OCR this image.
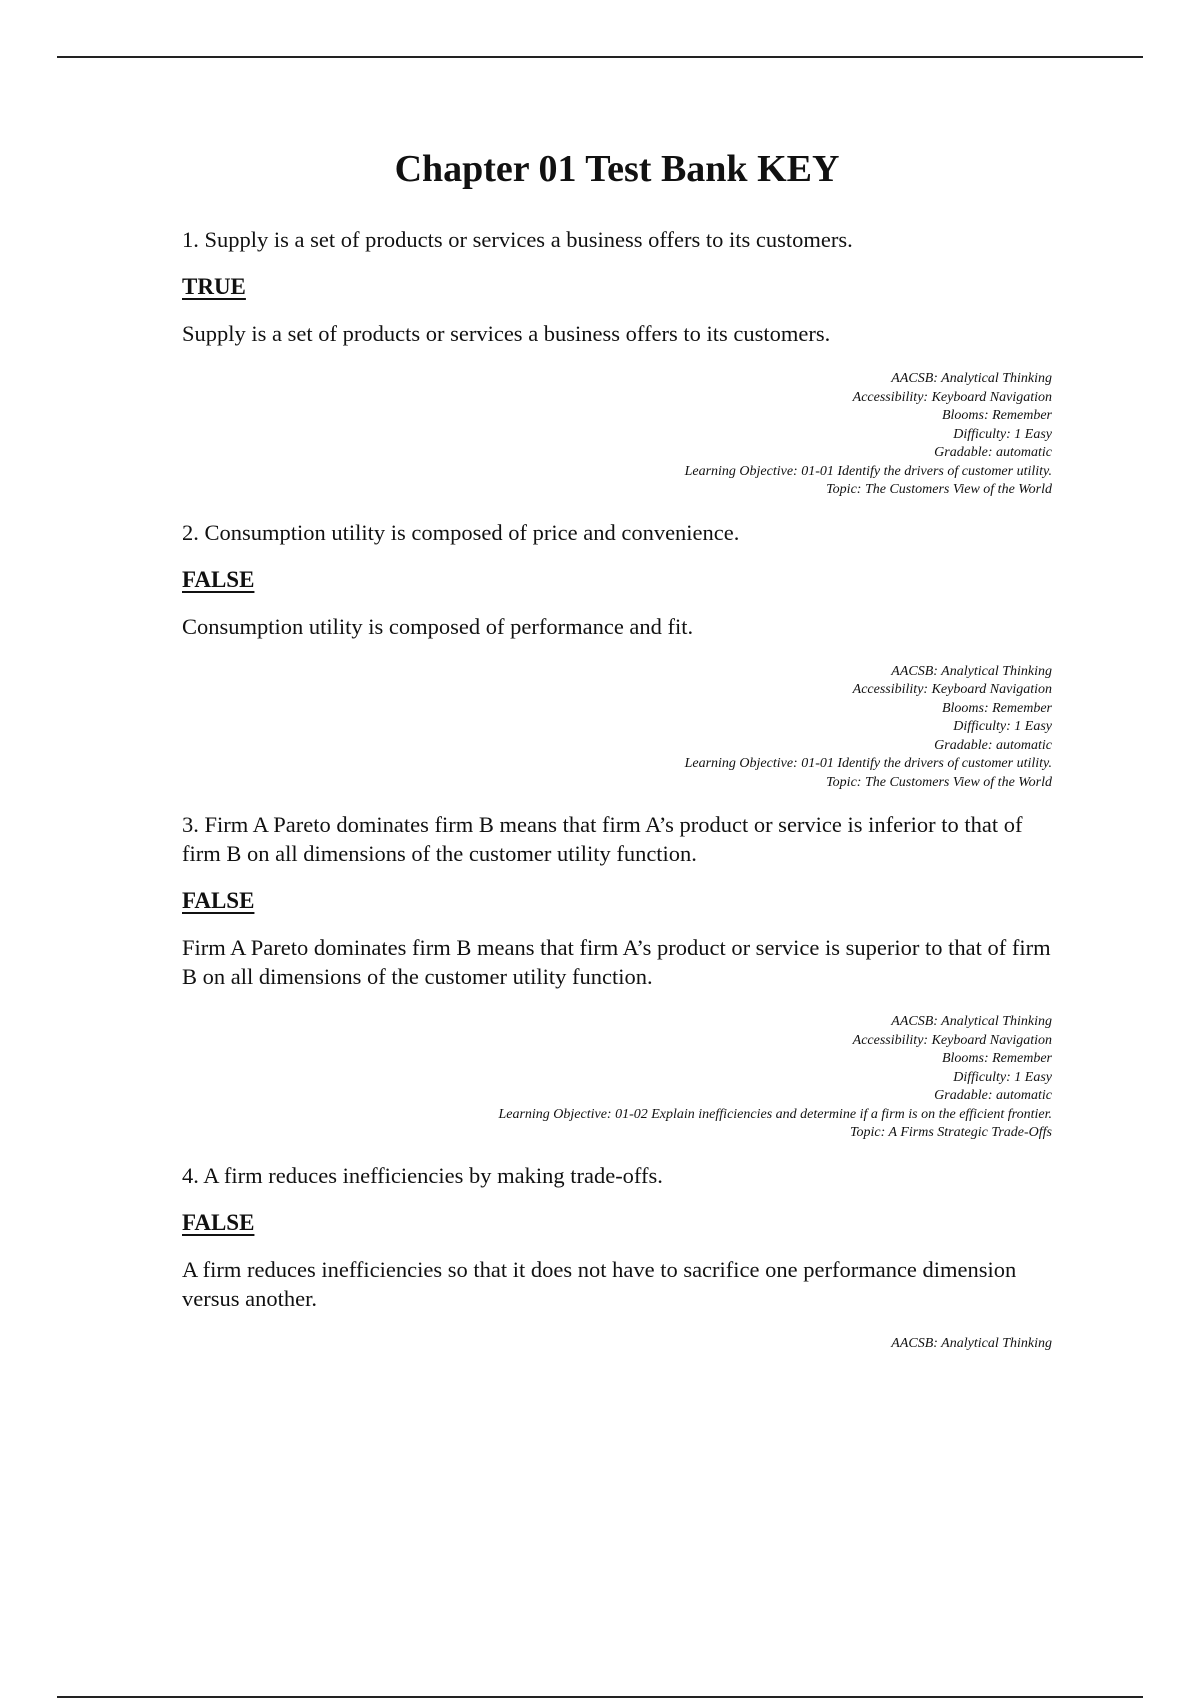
Chapter 01 Test Bank KEY

1. Supply is a set of products or services a business offers to its customers.

TRUE

Supply is a set of products or services a business offers to its customers.

AACSB: Analytical Thinking
Accessibility: Keyboard Navigation
Blooms: Remember
Difficulty: 1 Easy
Gradable: automatic
Learning Objective: 01-01 Identify the drivers of customer utility.
Topic: The Customers View of the World

2. Consumption utility is composed of price and convenience.

FALSE

Consumption utility is composed of performance and fit.

AACSB: Analytical Thinking
Accessibility: Keyboard Navigation
Blooms: Remember
Difficulty: 1 Easy
Gradable: automatic
Learning Objective: 01-01 Identify the drivers of customer utility.
Topic: The Customers View of the World

3. Firm A Pareto dominates firm B means that firm A’s product or service is inferior to that of firm B on all dimensions of the customer utility function.

FALSE

Firm A Pareto dominates firm B means that firm A’s product or service is superior to that of firm B on all dimensions of the customer utility function.

AACSB: Analytical Thinking
Accessibility: Keyboard Navigation
Blooms: Remember
Difficulty: 1 Easy
Gradable: automatic
Learning Objective: 01-02 Explain inefficiencies and determine if a firm is on the efficient frontier.
Topic: A Firms Strategic Trade-Offs

4. A firm reduces inefficiencies by making trade-offs.

FALSE

A firm reduces inefficiencies so that it does not have to sacrifice one performance dimension versus another.

AACSB: Analytical Thinking
